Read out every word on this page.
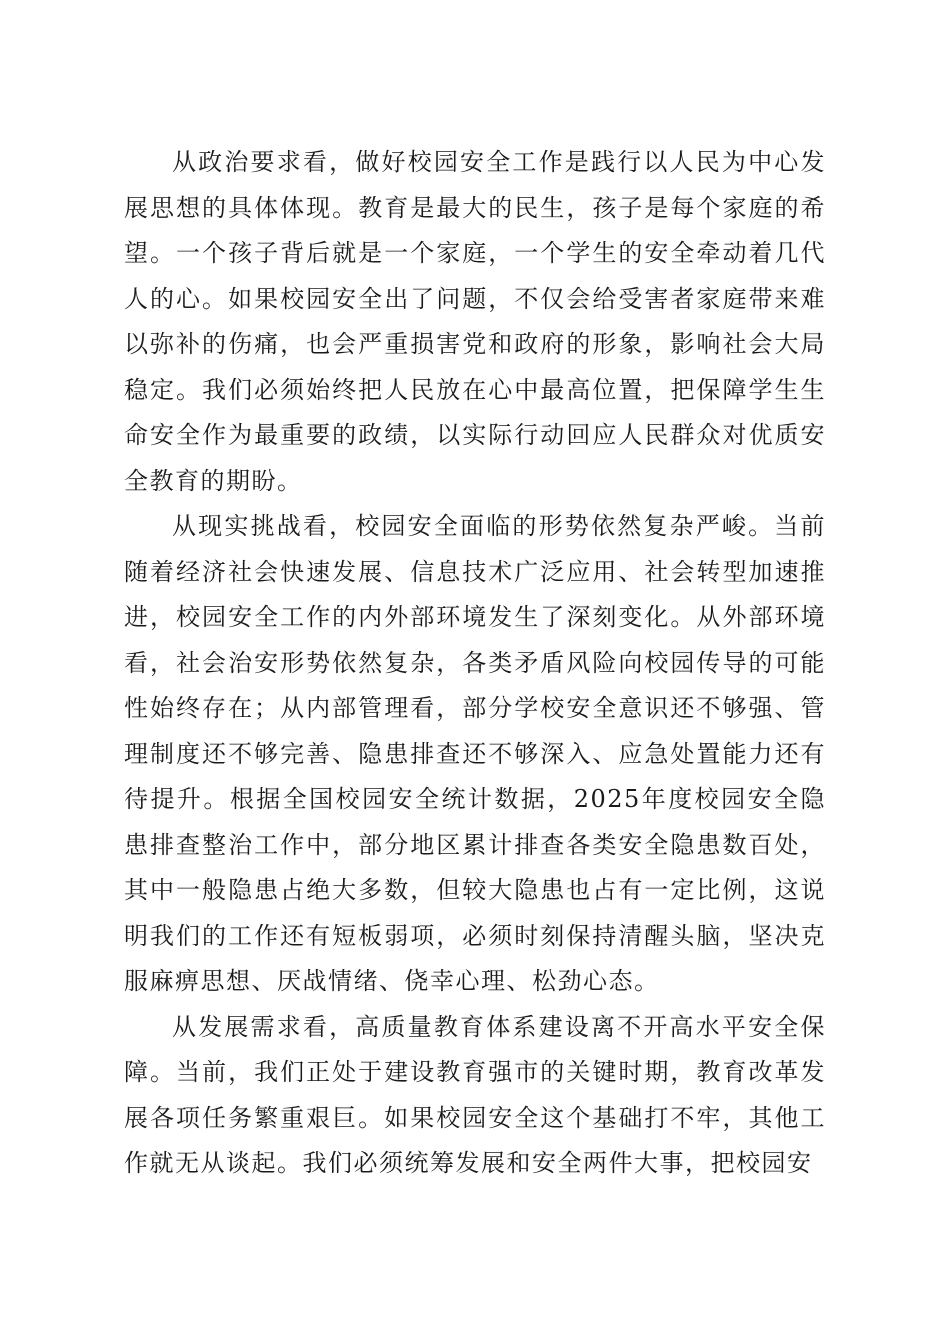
从政治要求看，做好校园安全工作是践行以人民为中心发展思想的具体体现。教育是最大的民生，孩子是每个家庭的希望。一个孩子背后就是一个家庭，一个学生的安全牵动着几代人的心。如果校园安全出了问题，不仅会给受害者家庭带来难以弥补的伤痛，也会严重损害党和政府的形象，影响社会大局稳定。我们必须始终把人民放在心中最高位置，把保障学生生命安全作为最重要的政绩，以实际行动回应人民群众对优质安全教育的期盼。

从现实挑战看，校园安全面临的形势依然复杂严峻。当前随着经济社会快速发展、信息技术广泛应用、社会转型加速推进，校园安全工作的内外部环境发生了深刻变化。从外部环境看，社会治安形势依然复杂，各类矛盾风险向校园传导的可能性始终存在；从内部管理看，部分学校安全意识还不够强、管理制度还不够完善、隐患排查还不够深入、应急处置能力还有待提升。根据全国校园安全统计数据，2025年度校园安全隐患排查整治工作中，部分地区累计排查各类安全隐患数百处，其中一般隐患占绝大多数，但较大隐患也占有一定比例，这说明我们的工作还有短板弱项，必须时刻保持清醒头脑，坚决克服麻痹思想、厌战情绪、侥幸心理、松劲心态。

从发展需求看，高质量教育体系建设离不开高水平安全保障。当前，我们正处于建设教育强市的关键时期，教育改革发展各项任务繁重艰巨。如果校园安全这个基础打不牢，其他工作就无从谈起。我们必须统筹发展和安全两件大事，把校园安
